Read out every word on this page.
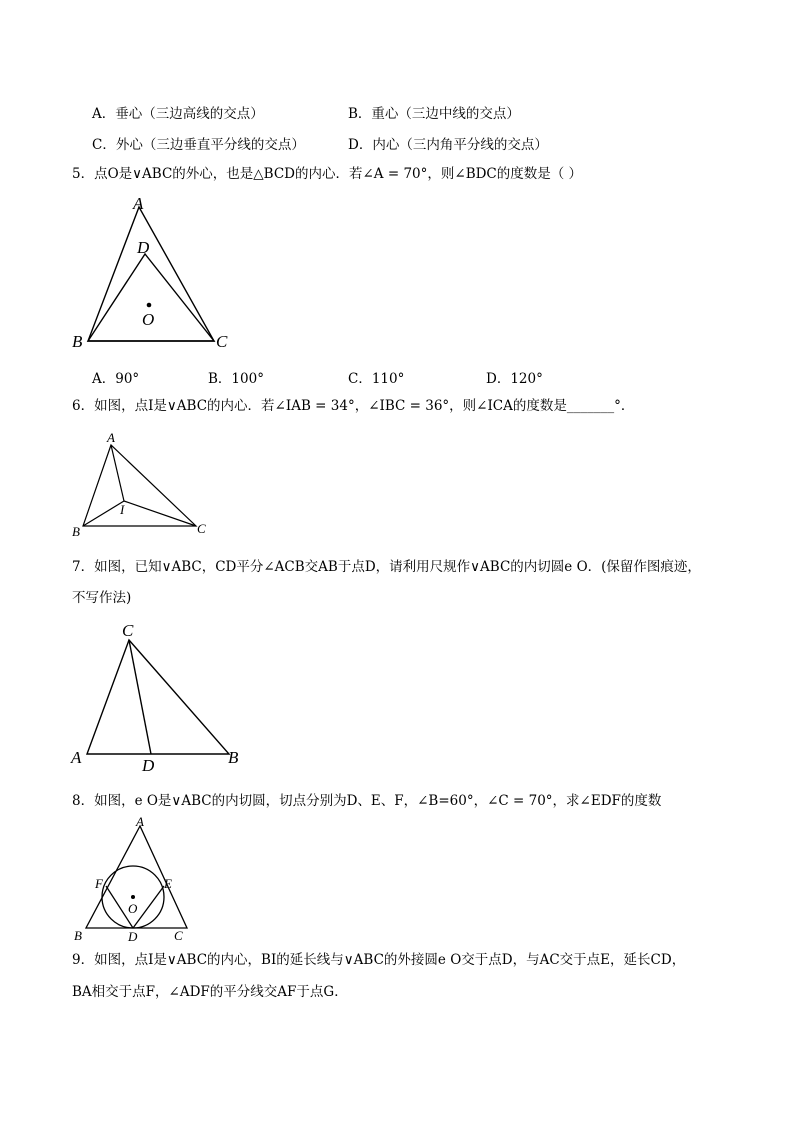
A．垂心（三边高线的交点）	B．重心（三边中线的交点）
C．外心（三边垂直平分线的交点）	D．内心（三内角平分线的交点）
5．点O是∨ABC的外心，也是△BCD的内心．若∠A = 70°，则∠BDC的度数是（ ）
A
D
O
B	C
A．90°	B．100°	C．110°	D．120°
6．如图，点I是∨ABC的内心．若∠IAB = 34°，∠IBC = 36°，则∠ICA的度数是_______°．
A
I
B	C
7．如图，已知∨ABC，CD平分∠ACB交AB于点D，请利用尺规作∨ABC的内切圆e O．(保留作图痕迹，
不写作法)
C
A	D	B
8．如图，e O是∨ABC的内切圆，切点分别为D、E、F，∠B=60°，∠C = 70°，求∠EDF的度数
A
F	E
O
B	D	C
9．如图，点I是∨ABC的内心，BI的延长线与∨ABC的外接圆e O交于点D，与AC交于点E，延长CD，
BA相交于点F，∠ADF的平分线交AF于点G．
